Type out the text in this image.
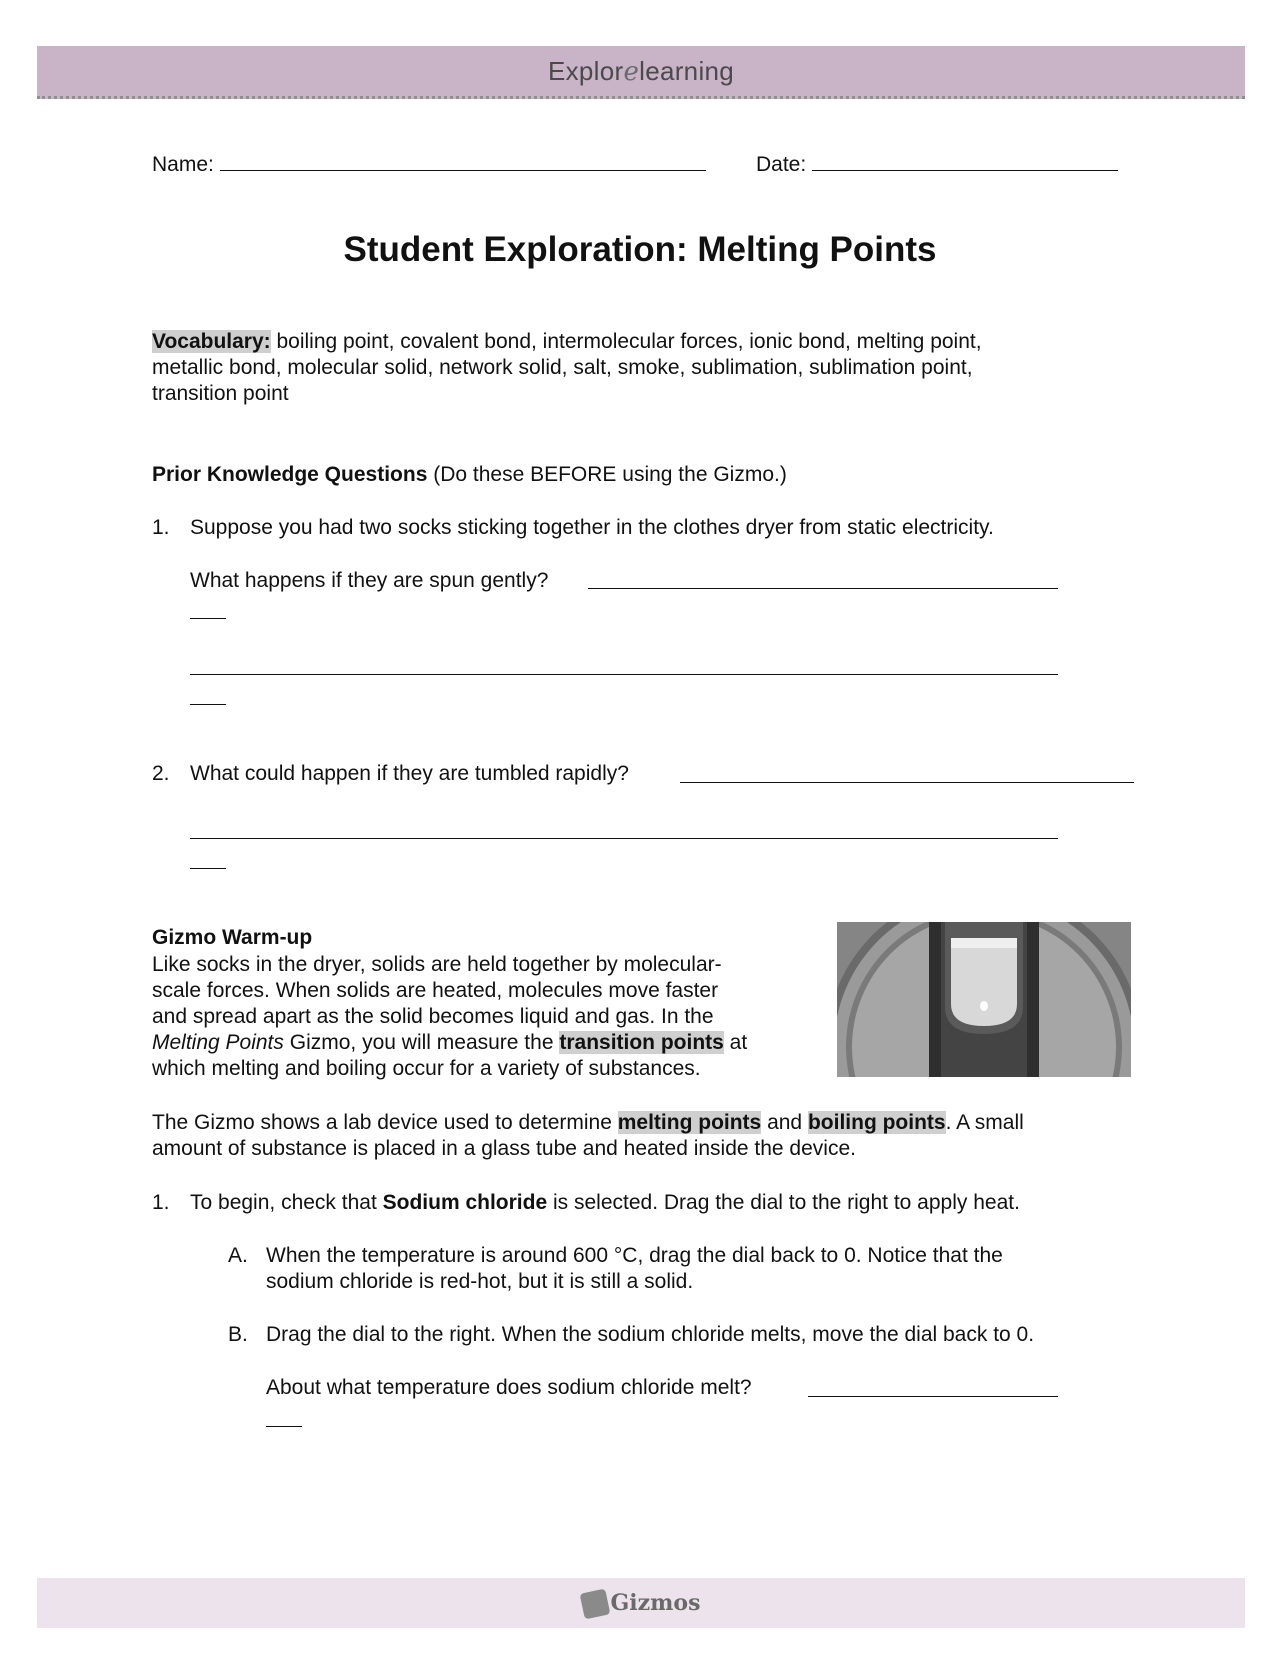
Explorelearning
Name:	Date:
Student Exploration: Melting Points
Vocabulary: boiling point, covalent bond, intermolecular forces, ionic bond, melting point,
metallic bond, molecular solid, network solid, salt, smoke, sublimation, sublimation point,
transition point
Prior Knowledge Questions (Do these BEFORE using the Gizmo.)
1. Suppose you had two socks sticking together in the clothes dryer from static electricity.
What happens if they are spun gently?
2. What could happen if they are tumbled rapidly?
Gizmo Warm-up
Like socks in the dryer, solids are held together by molecular-
scale forces. When solids are heated, molecules move faster
and spread apart as the solid becomes liquid and gas. In the
Melting Points Gizmo, you will measure the transition points at
which melting and boiling occur for a variety of substances.
The Gizmo shows a lab device used to determine melting points and boiling points. A small
amount of substance is placed in a glass tube and heated inside the device.
1. To begin, check that Sodium chloride is selected. Drag the dial to the right to apply heat.
A. When the temperature is around 600 °C, drag the dial back to 0. Notice that the
sodium chloride is red-hot, but it is still a solid.
B. Drag the dial to the right. When the sodium chloride melts, move the dial back to 0.
About what temperature does sodium chloride melt?
Gizmos
